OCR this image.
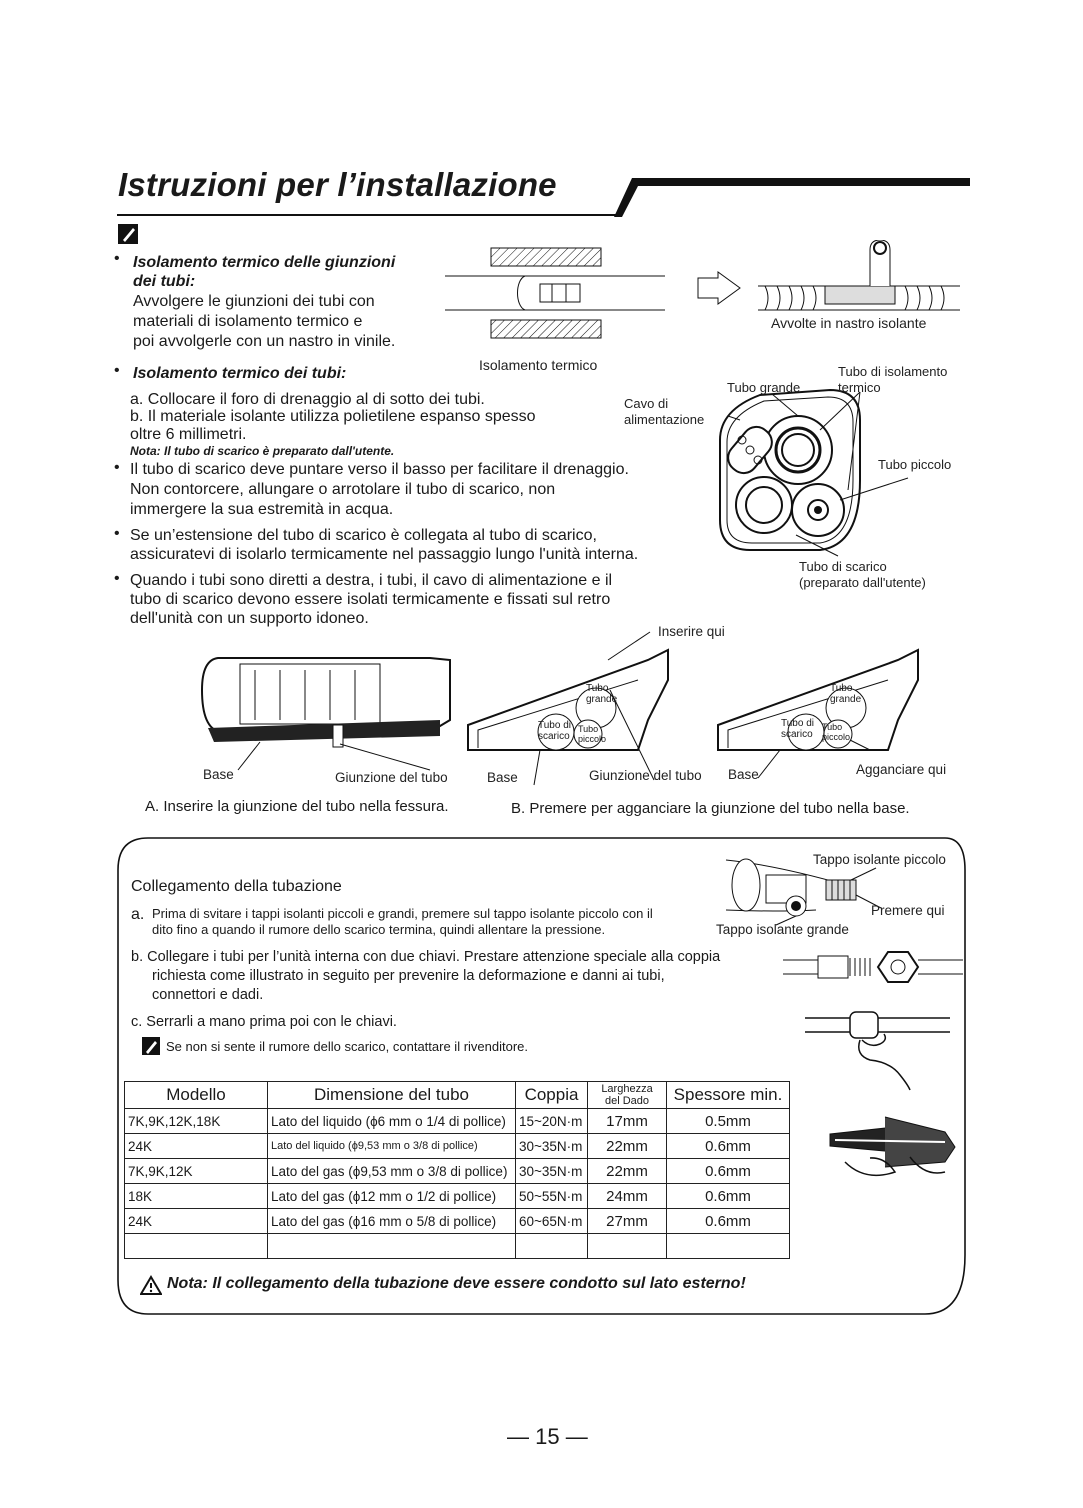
Istruzioni per l’installazione
• Isolamento termico delle giunzioni
dei tubi:
Avvolgere le giunzioni dei tubi con
materiali di isolamento termico e
poi avvolgerle con un nastro in vinile.
Isolamento termico
Avvolte in nastro isolante
• Isolamento termico dei tubi:
a. Collocare il foro di drenaggio al di sotto dei tubi.
b. Il materiale isolante utilizza polietilene espanso spesso
oltre 6 millimetri.
Nota: Il tubo di scarico è preparato dall'utente.
• Il tubo di scarico deve puntare verso il basso per facilitare il drenaggio.
Non contorcere, allungare o arrotolare il tubo di scarico, non
immergere la sua estremità in acqua.
• Se un’estensione del tubo di scarico è collegata al tubo di scarico,
assicuratevi di isolarlo termicamente nel passaggio lungo l'unità interna.
• Quando i tubi sono diretti a destra, i tubi, il cavo di alimentazione e il
tubo di scarico devono essere isolati termicamente e fissati sul retro
dell'unità con un supporto idoneo.
Cavo di
alimentazione
Tubo grande
Tubo di isolamento
termico
Tubo piccolo
Tubo di scarico
(preparato dall'utente)
Inserire qui
Tubo
grande
Tubo di
scarico
Tubo
piccolo
Tubo
grande
Tubo di
scarico
Tubo
piccolo
Base	Giunzione del tubo	Base	Giunzione del tubo Base	Agganciare qui
A. Inserire la giunzione del tubo nella fessura.	B. Premere per agganciare la giunzione del tubo nella base.
Collegamento della tubazione
a. Prima di svitare i tappi isolanti piccoli e grandi, premere sul tappo isolante piccolo con il
dito fino a quando il rumore dello scarico termina, quindi allentare la pressione.
Tappo isolante piccolo
Premere qui
Tappo isolante grande
b. Collegare i tubi per l’unità interna con due chiavi. Prestare attenzione speciale alla coppia
richiesta come illustrato in seguito per prevenire la deformazione e danni ai tubi,
connettori e dadi.
c. Serrarli a mano prima poi con le chiavi.
Se non si sente il rumore dello scarico, contattare il rivenditore.
Modello	Dimensione del tubo	Coppia	Larghezza
del Dado	Spessore min.
7K,9K,12K,18K	Lato del liquido (ϕ6 mm o 1/4 di pollice)	15~20N·m	17mm	0.5mm
24K	Lato del liquido (ϕ9,53 mm o 3/8 di pollice)	30~35N·m	22mm	0.6mm
7K,9K,12K	Lato del gas (ϕ9,53 mm o 3/8 di pollice)	30~35N·m	22mm	0.6mm
18K	Lato del gas (ϕ12 mm o 1/2 di pollice)	50~55N·m	24mm	0.6mm
24K	Lato del gas (ϕ16 mm o 5/8 di pollice)	60~65N·m	27mm	0.6mm

Nota: Il collegamento della tubazione deve essere condotto sul lato esterno!
— 15 —
